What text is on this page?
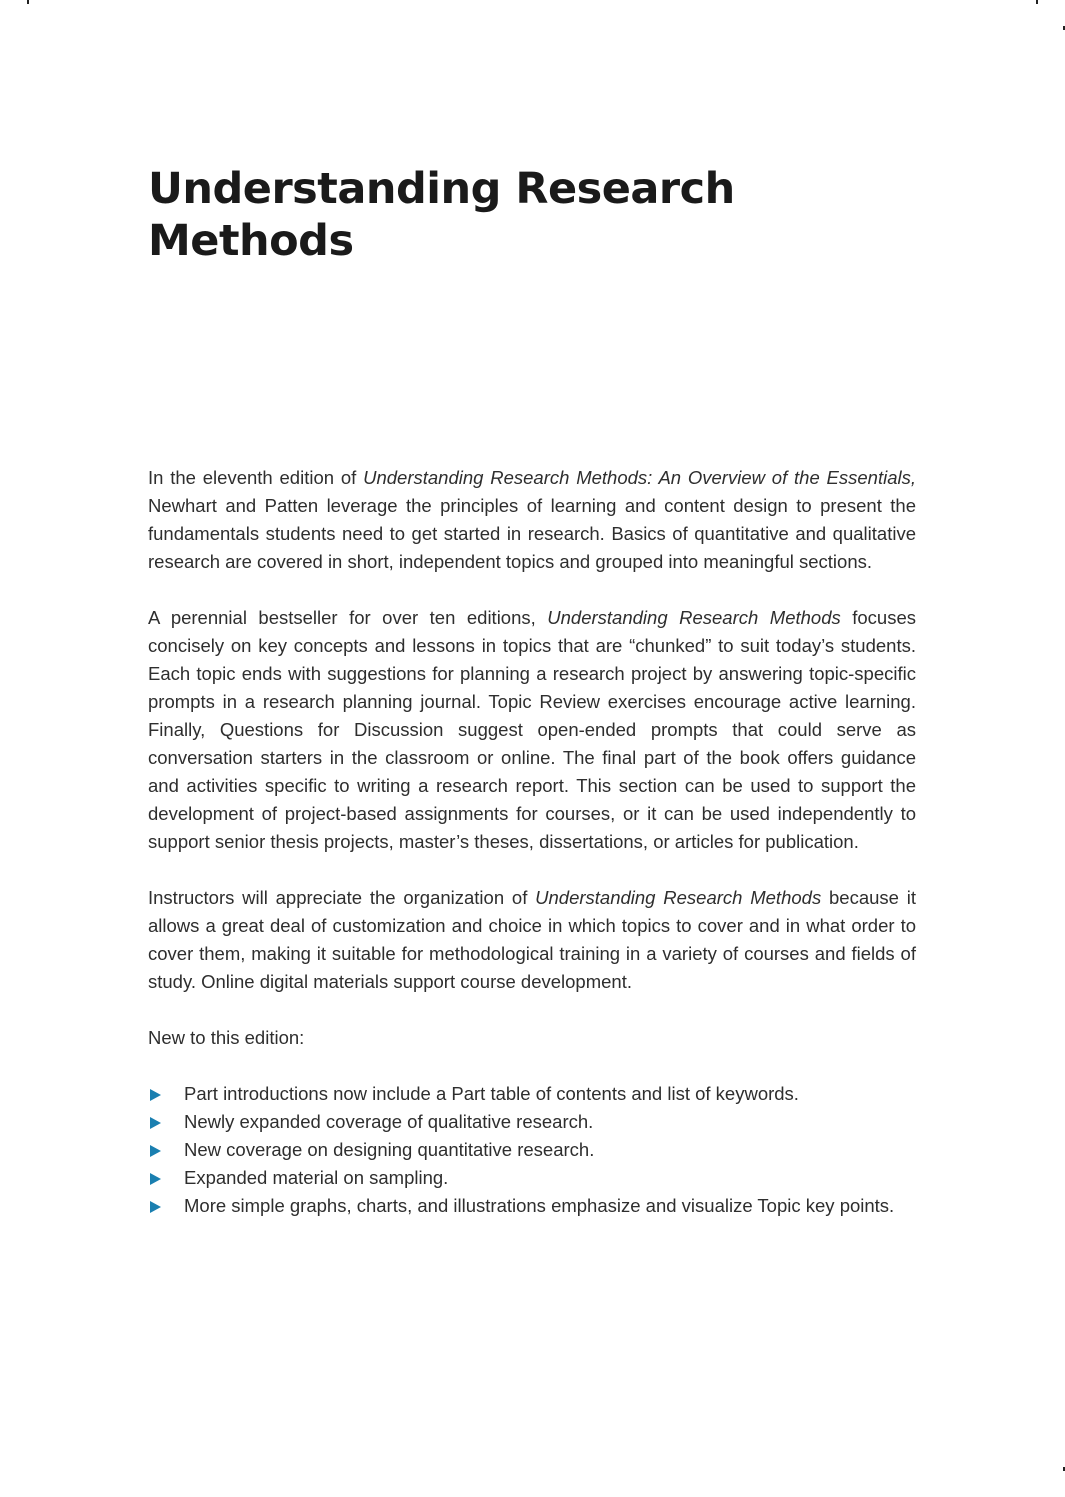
Understanding Research
Methods

In the eleventh edition of Understanding Research Methods: An Overview of the Essentials, Newhart and Patten leverage the principles of learning and content design to present the fundamentals students need to get started in research. Basics of quantitative and qualitative research are covered in short, independent topics and grouped into meaningful sections.

A perennial bestseller for over ten editions, Understanding Research Methods focuses concisely on key concepts and lessons in topics that are “chunked” to suit today’s students. Each topic ends with suggestions for planning a research project by answering topic-specific prompts in a research planning journal. Topic Review exercises encourage active learning. Finally, Questions for Discussion suggest open-ended prompts that could serve as conversation starters in the classroom or online. The final part of the book offers guidance and activities specific to writing a research report. This section can be used to support the development of project-based assignments for courses, or it can be used independently to support senior thesis projects, master’s theses, dissertations, or articles for publication.

Instructors will appreciate the organization of Understanding Research Methods because it allows a great deal of customization and choice in which topics to cover and in what order to cover them, making it suitable for methodological training in a variety of courses and fields of study. Online digital materials support course development.

New to this edition:

Part introductions now include a Part table of contents and list of keywords.
Newly expanded coverage of qualitative research.
New coverage on designing quantitative research.
Expanded material on sampling.
More simple graphs, charts, and illustrations emphasize and visualize Topic key points.
